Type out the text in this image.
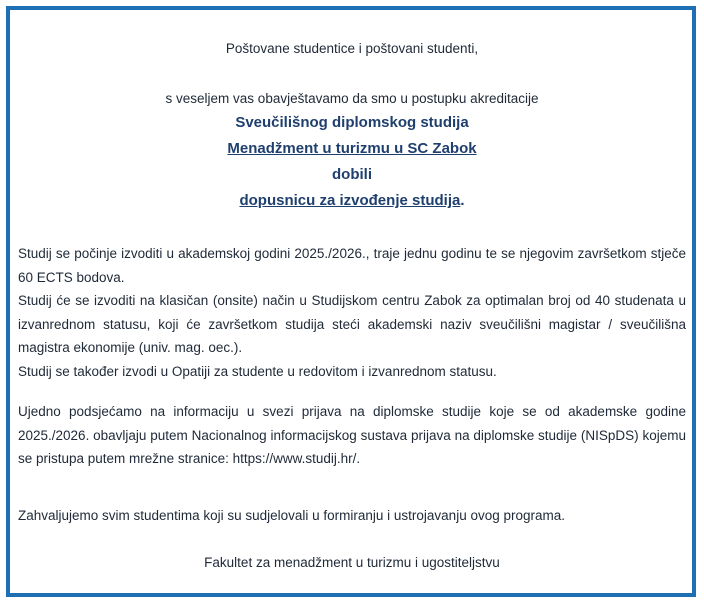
Poštovane studentice i poštovani studenti,
s veseljem vas obavještavamo da smo u postupku akreditacije
Sveučilišnog diplomskog studija
Menadžment u turizmu u SC Zabok
dobili
dopusnicu za izvođenje studija.
Studij se počinje izvoditi u akademskoj godini 2025./2026., traje jednu godinu te se njegovim završetkom stječe 60 ECTS bodova.
Studij će se izvoditi na klasičan (onsite) način u Studijskom centru Zabok za optimalan broj od 40 studenata u izvanrednom statusu, koji će završetkom studija steći akademski naziv sveučilišni magistar / sveučilišna magistra ekonomije (univ. mag. oec.).
Studij se također izvodi u Opatiji za studente u redovitom i izvanrednom statusu.
Ujedno podsjećamo na informaciju u svezi prijava na diplomske studije koje se od akademske godine 2025./2026. obavljaju putem Nacionalnog informacijskog sustava prijava na diplomske studije (NISpDS) kojemu se pristupa putem mrežne stranice: https://www.studij.hr/.
Zahvaljujemo svim studentima koji su sudjelovali u formiranju i ustrojavanju ovog programa.
Fakultet za menadžment u turizmu i ugostiteljstvu
